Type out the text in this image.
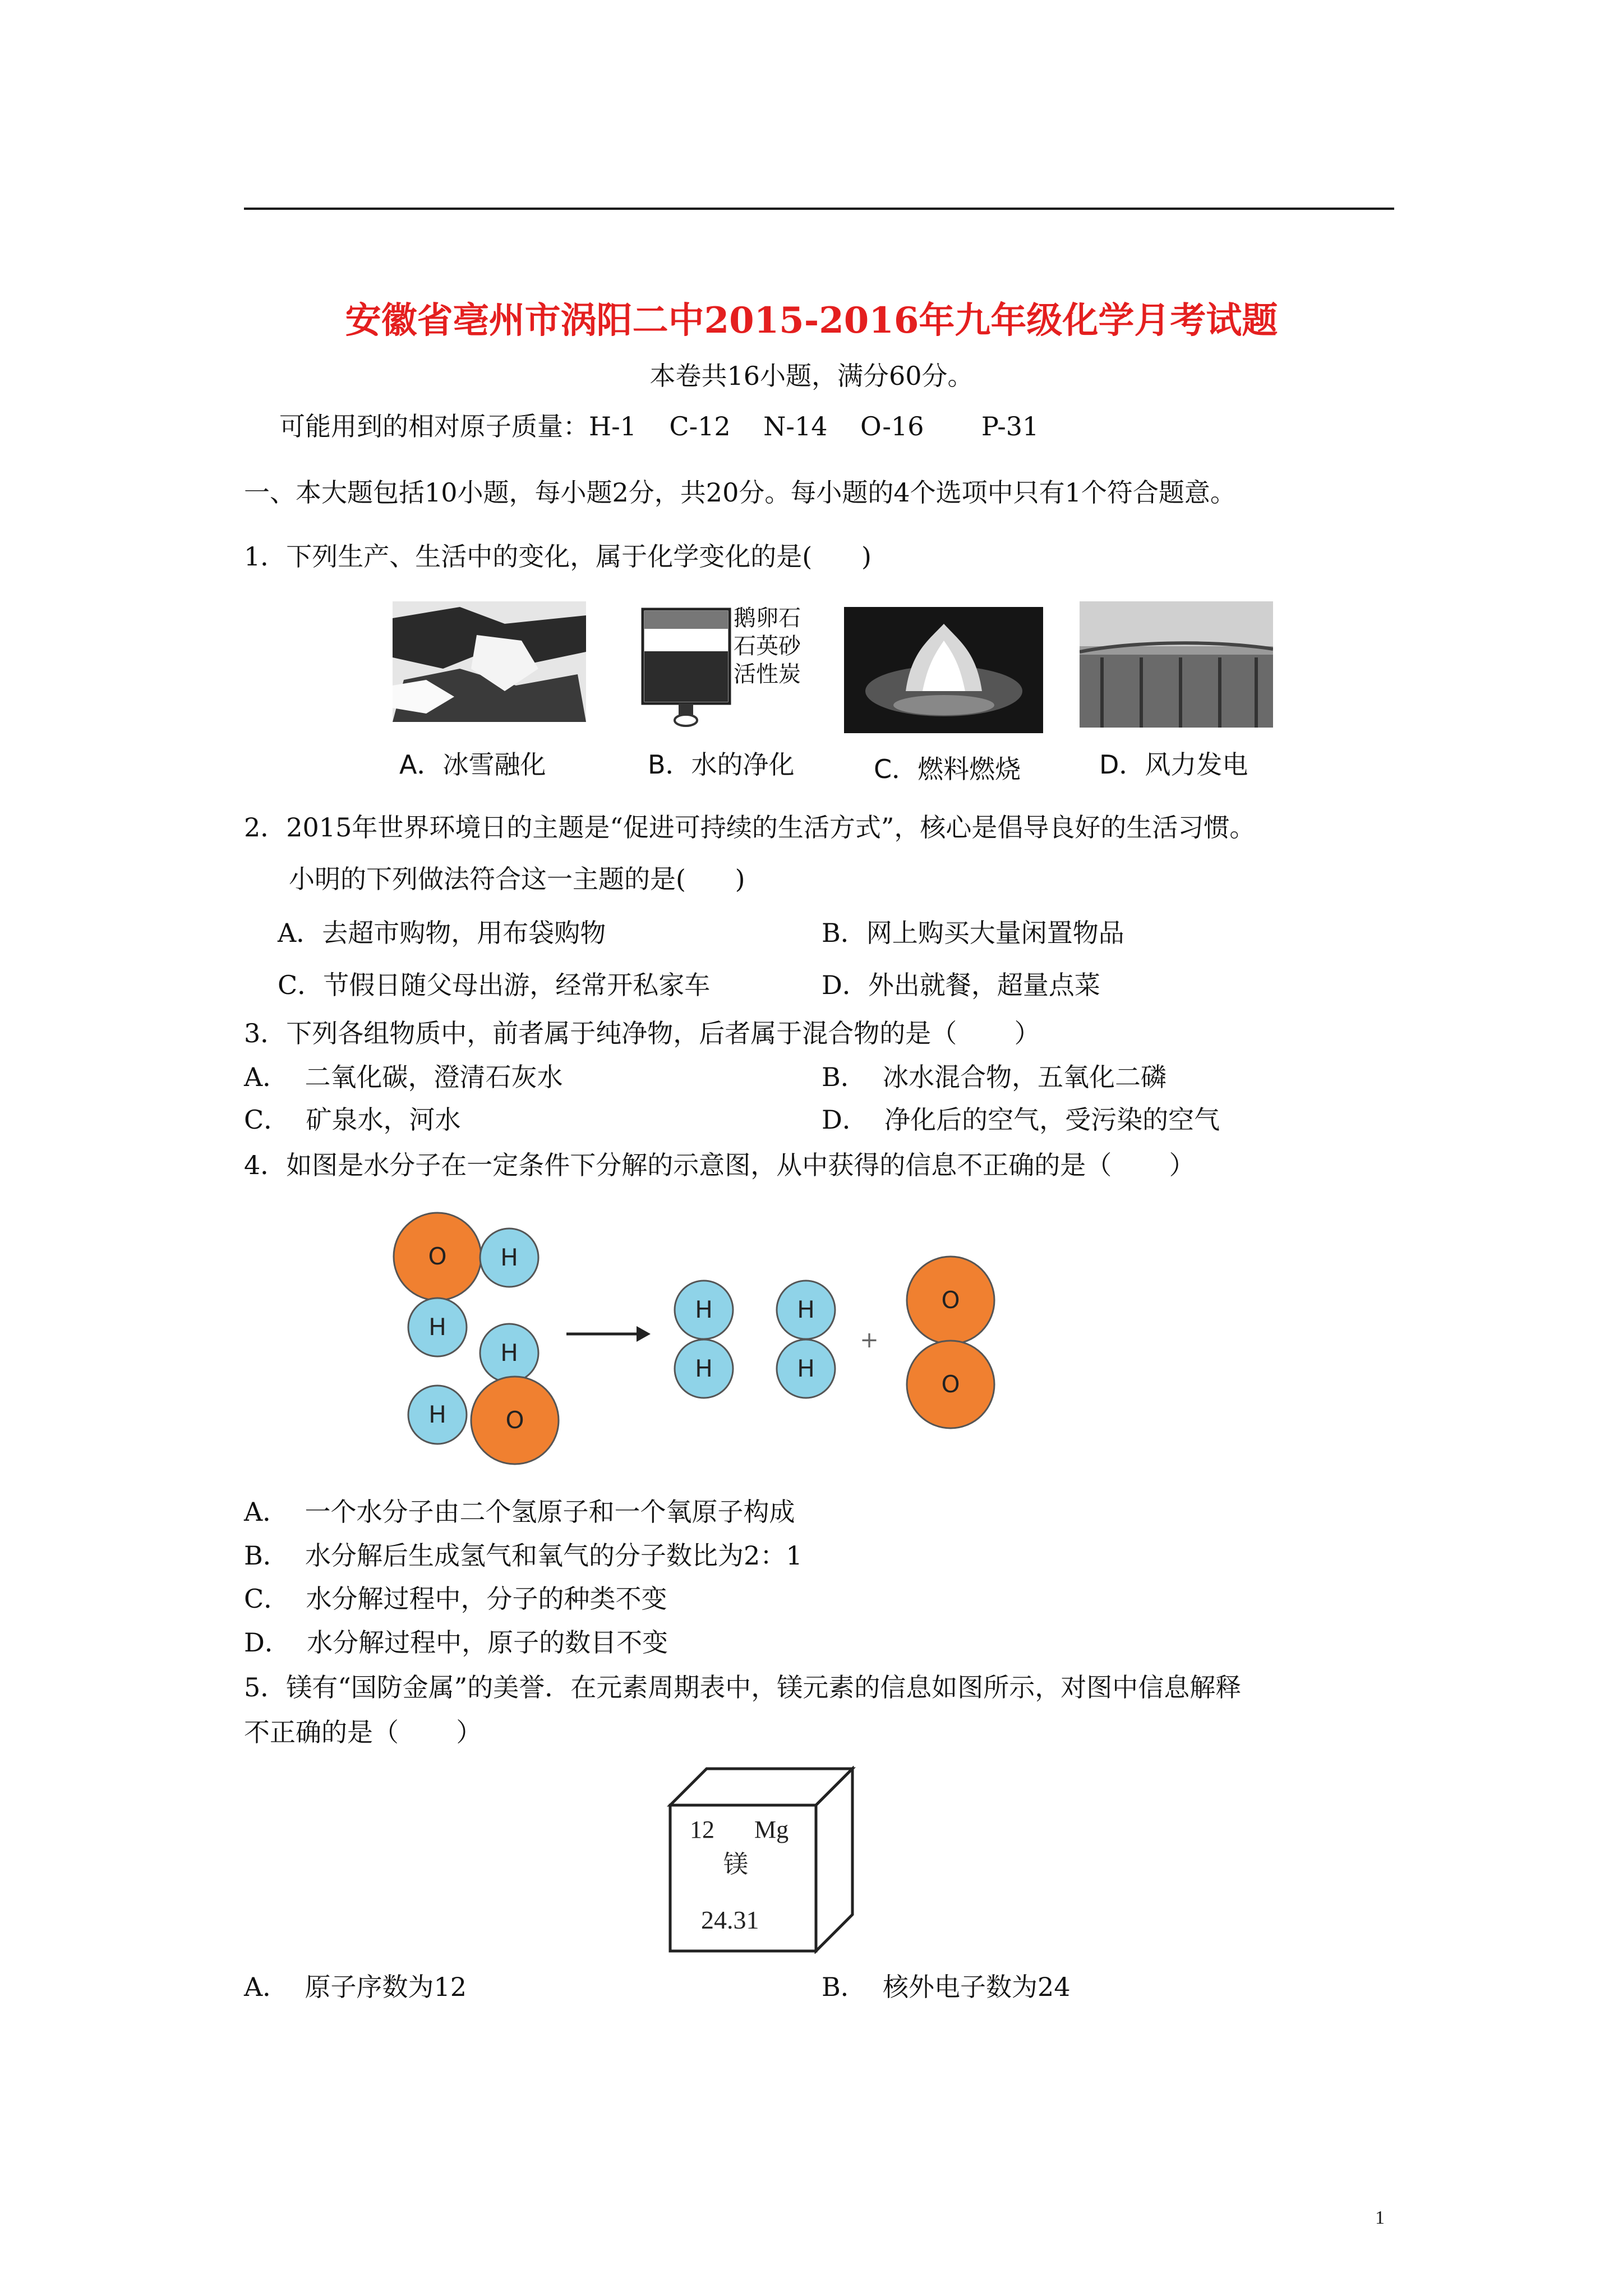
安徽省亳州市涡阳二中2015-2016年九年级化学月考试题
本卷共16小题，满分60分。
可能用到的相对原子质量：H-1    C-12    N-14    O-16       P-31
一、本大题包括10小题，每小题2分，共20分。每小题的4个选项中只有1个符合题意。
1．下列生产、生活中的变化，属于化学变化的是(      )
鹅卵石
石英砂
活性炭
A．冰雪融化	B．水的净化	C．燃料燃烧	D．风力发电
2．2015年世界环境日的主题是“促进可持续的生活方式”，核心是倡导良好的生活习惯。
小明的下列做法符合这一主题的是(      )
A．去超市购物，用布袋购物	B．网上购买大量闲置物品
C．节假日随父母出游，经常开私家车	D．外出就餐，超量点菜
3．下列各组物质中，前者属于纯净物，后者属于混合物的是（       ）
A．  二氧化碳，澄清石灰水	B．  冰水混合物，五氧化二磷
C．  矿泉水，河水	D．  净化后的空气，受污染的空气
4．如图是水分子在一定条件下分解的示意图，从中获得的信息不正确的是（       ）
O H
H
H
H	O
H
H
H
H
+
O
O
A．  一个水分子由二个氢原子和一个氧原子构成
B．  水分解后生成氢气和氧气的分子数比为2：1
C．  水分解过程中，分子的种类不变
D．  水分解过程中，原子的数目不变
5．镁有“国防金属”的美誉．在元素周期表中，镁元素的信息如图所示，对图中信息解释
不正确的是（       ）
12 Mg
镁
24.31
A．  原子序数为12	B．  核外电子数为24
1
